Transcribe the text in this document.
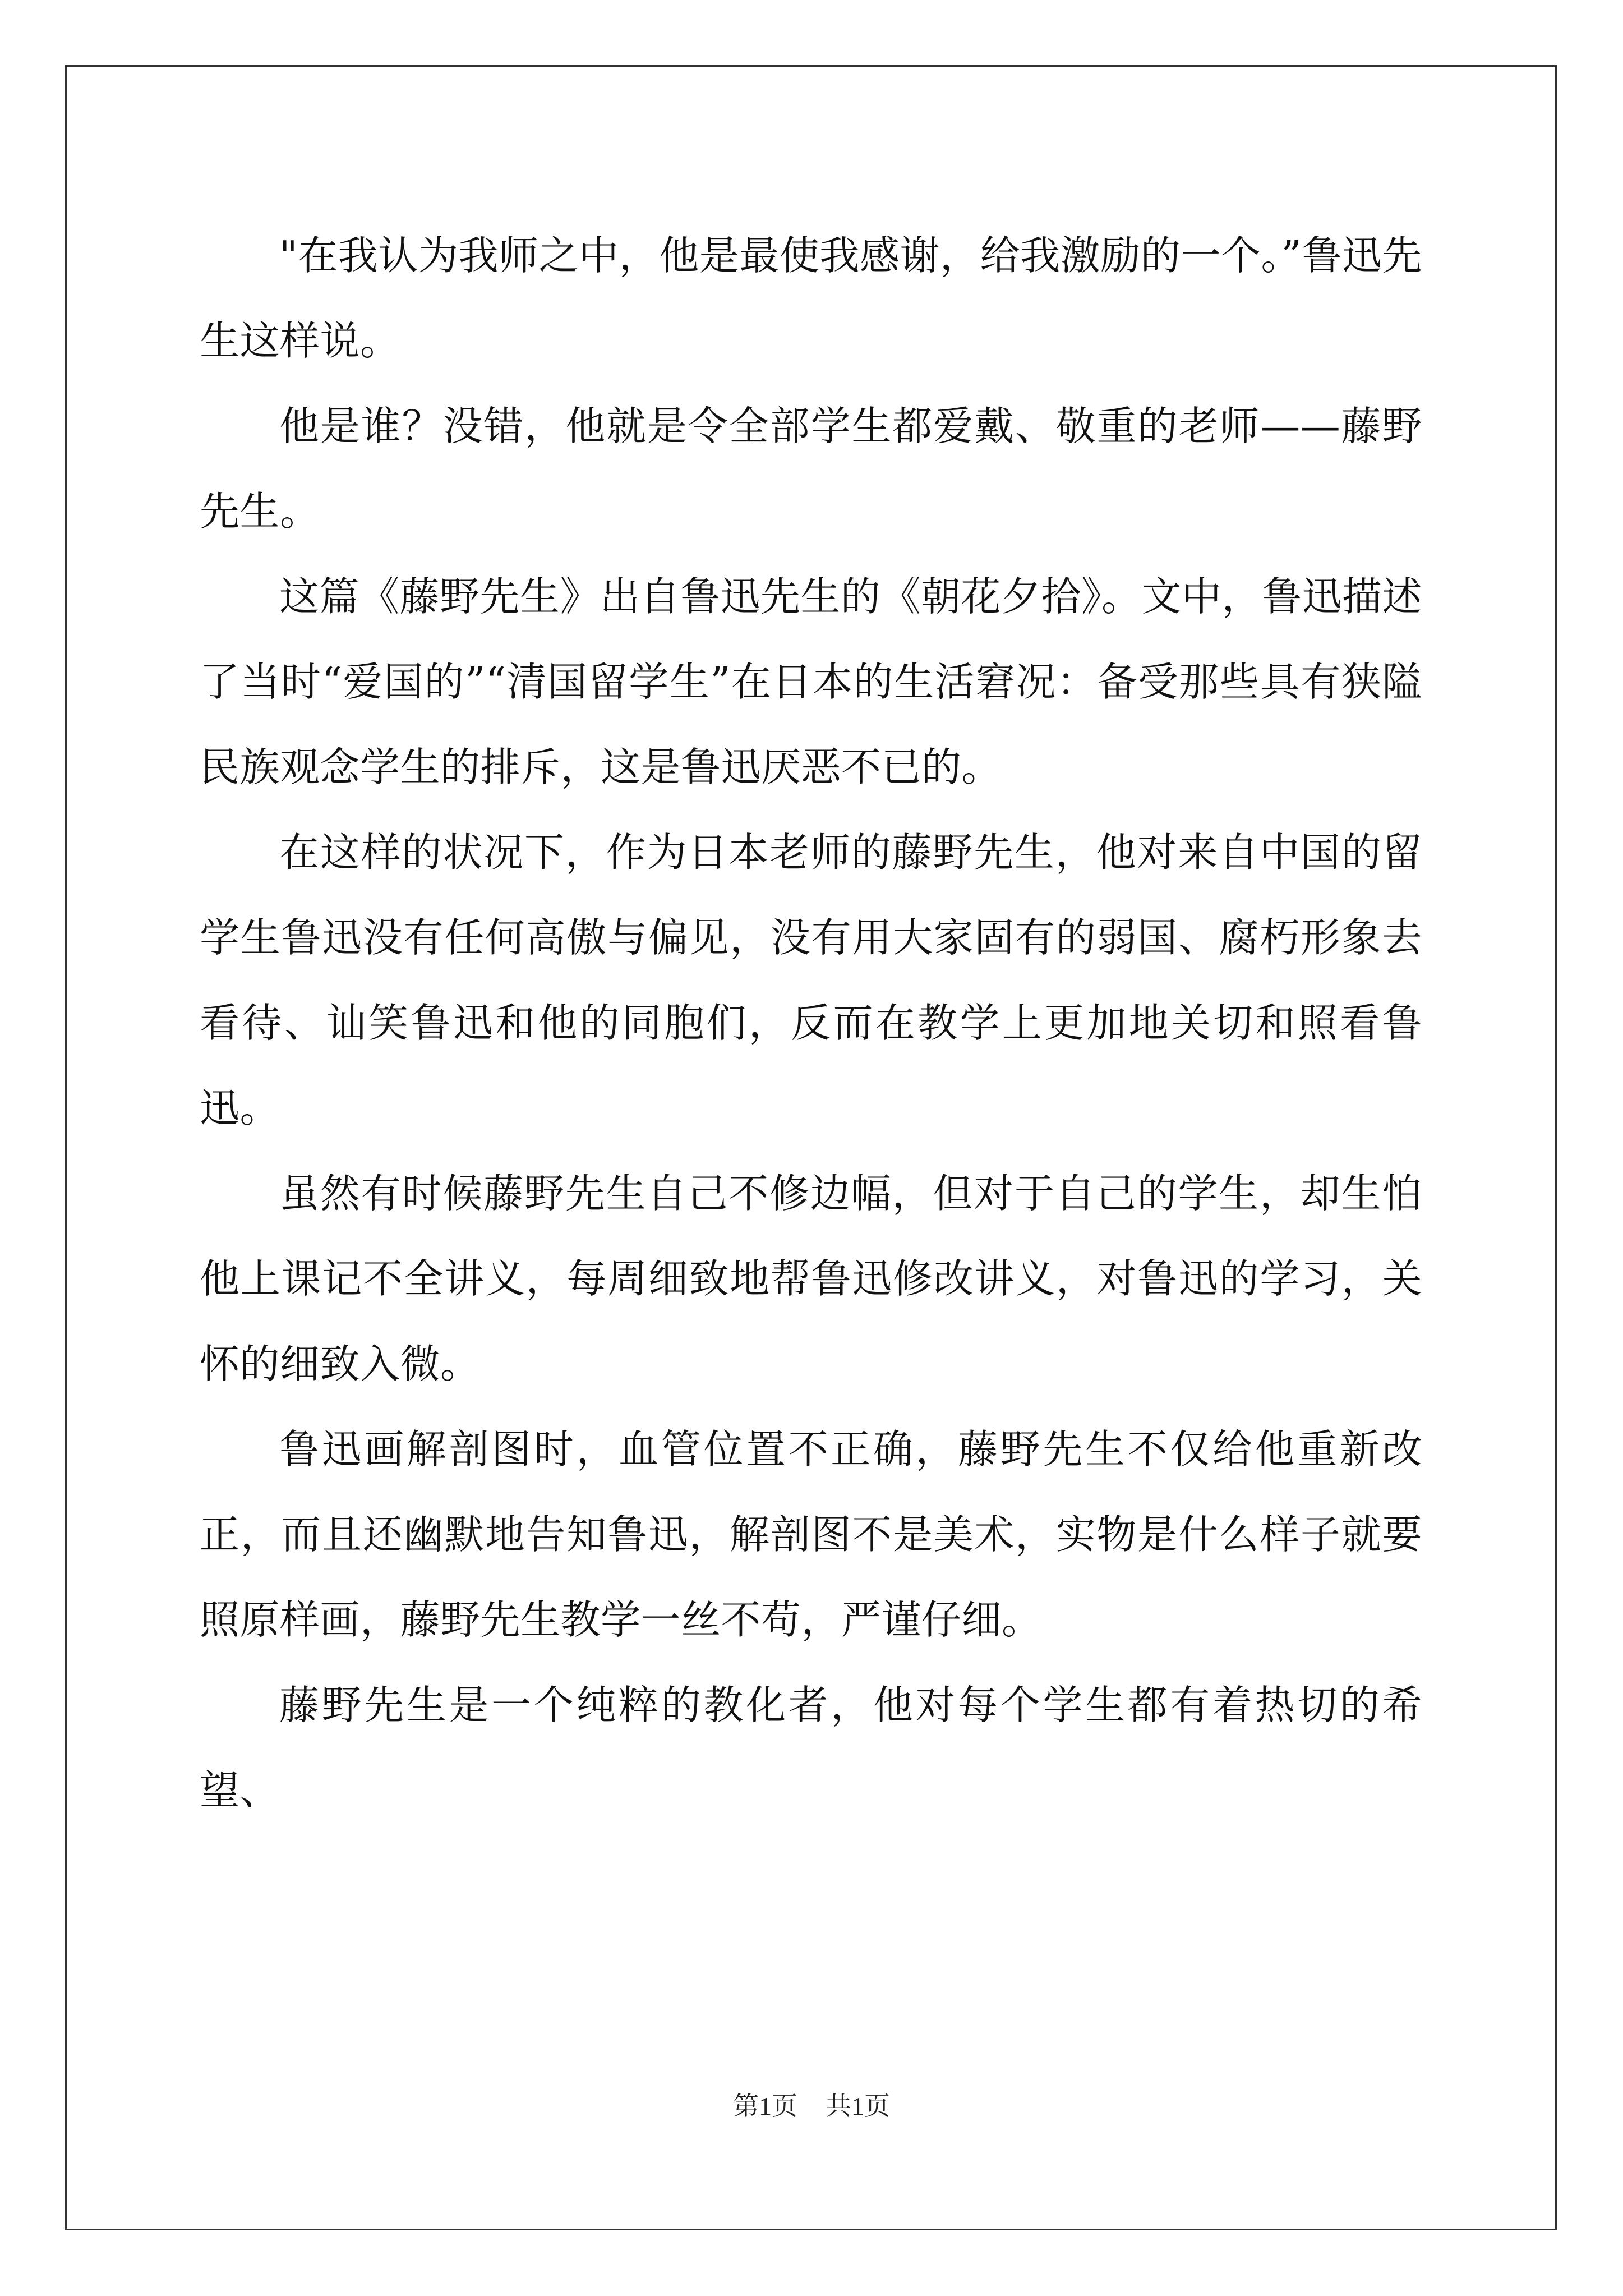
"在我认为我师之中，他是最使我感谢，给我激励的一个。”鲁迅先生这样说。

他是谁？没错，他就是令全部学生都爱戴、敬重的老师——藤野先生。

这篇《藤野先生》出自鲁迅先生的《朝花夕拾》。文中，鲁迅描述了当时“爱国的”“清国留学生”在日本的生活窘况：备受那些具有狭隘民族观念学生的排斥，这是鲁迅厌恶不已的。

在这样的状况下，作为日本老师的藤野先生，他对来自中国的留学生鲁迅没有任何高傲与偏见，没有用大家固有的弱国、腐朽形象去看待、讪笑鲁迅和他的同胞们，反而在教学上更加地关切和照看鲁迅。

虽然有时候藤野先生自己不修边幅，但对于自己的学生，却生怕他上课记不全讲义，每周细致地帮鲁迅修改讲义，对鲁迅的学习，关怀的细致入微。

鲁迅画解剖图时，血管位置不正确，藤野先生不仅给他重新改正，而且还幽默地告知鲁迅，解剖图不是美术，实物是什么样子就要照原样画，藤野先生教学一丝不苟，严谨仔细。

藤野先生是一个纯粹的教化者，他对每个学生都有着热切的希望、

第1页 共1页
